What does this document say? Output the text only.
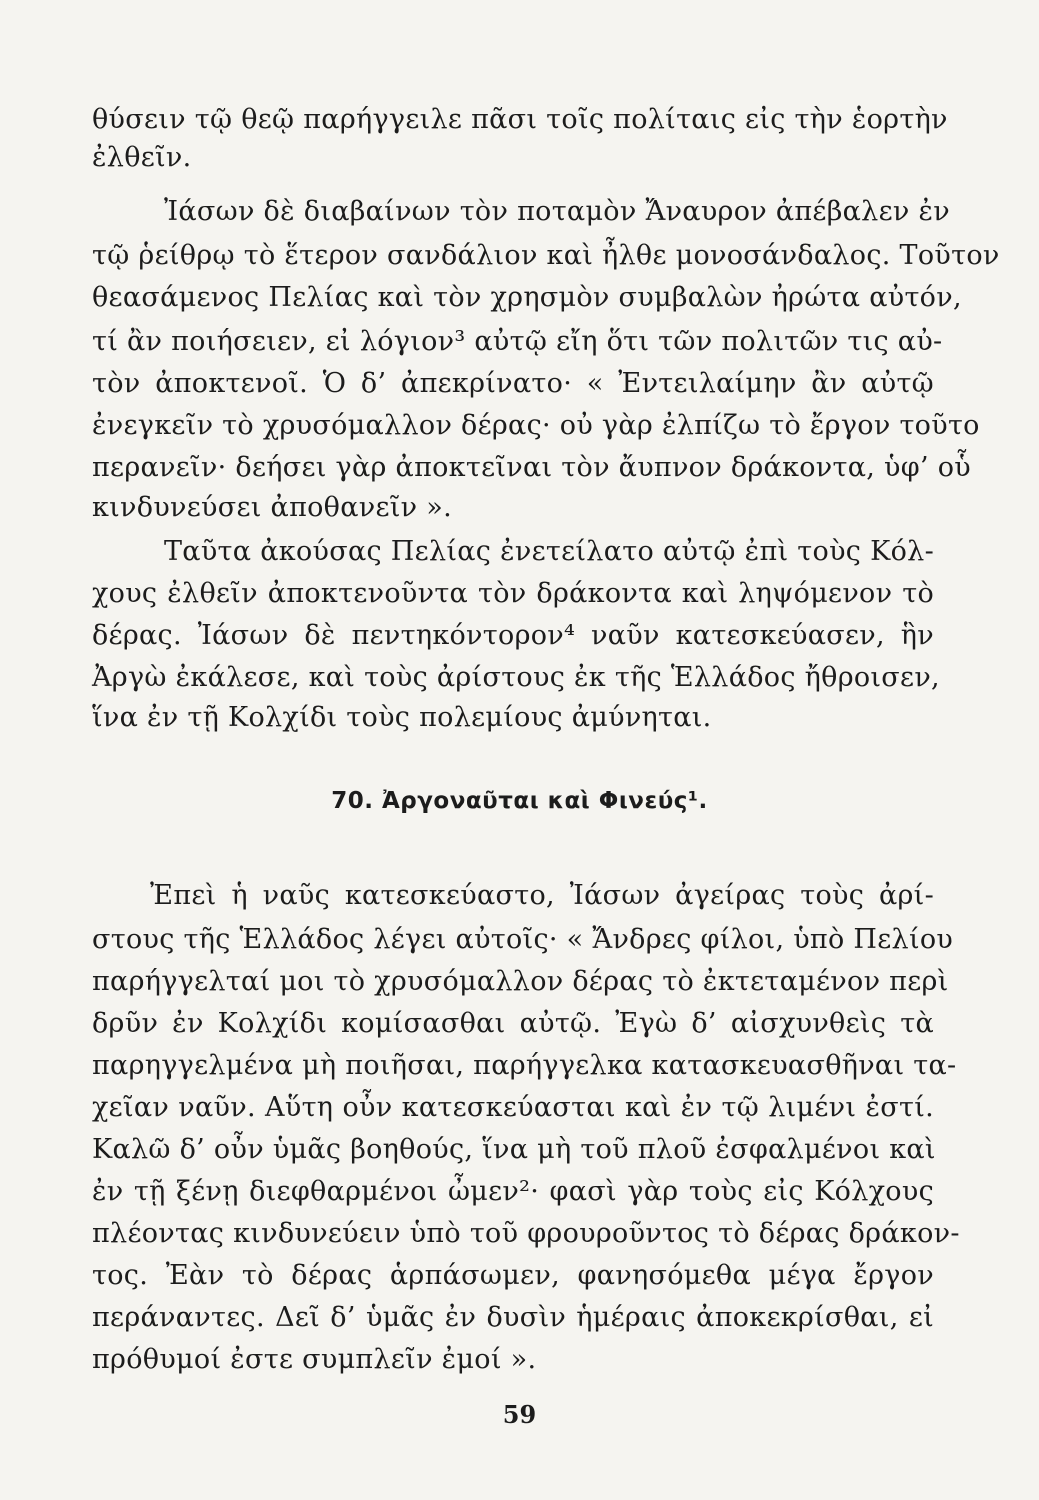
θύσειν τῷ θεῷ παρήγγειλε πᾶσι τοῖς πολίταις εἰς τὴν ἑορτὴν
ἐλθεῖν.
Ἰάσων δὲ διαβαίνων τὸν ποταμὸν Ἄναυρον ἀπέβαλεν ἐν
τῷ ῥείθρῳ τὸ ἕτερον σανδάλιον καὶ ἦλθε μονοσάνδαλος. Τοῦτον
θεασάμενος Πελίας καὶ τὸν χρησμὸν συμβαλὼν ἠρώτα αὐτόν,
τί ἂν ποιήσειεν, εἰ λόγιον³ αὐτῷ εἴη ὅτι τῶν πολιτῶν τις αὐ-
τὸν ἀποκτενοῖ. Ὁ δ’ ἀπεκρίνατο· « Ἐντειλαίμην ἂν αὐτῷ
ἐνεγκεῖν τὸ χρυσόμαλλον δέρας· οὐ γὰρ ἐλπίζω τὸ ἔργον τοῦτο
περανεῖν· δεήσει γὰρ ἀποκτεῖναι τὸν ἄυπνον δράκοντα, ὑφ’ οὗ
κινδυνεύσει ἀποθανεῖν ».
Ταῦτα ἀκούσας Πελίας ἐνετείλατο αὐτῷ ἐπὶ τοὺς Κόλ-
χους ἐλθεῖν ἀποκτενοῦντα τὸν δράκοντα καὶ ληψόμενον τὸ
δέρας. Ἰάσων δὲ πεντηκόντορον⁴ ναῦν κατεσκεύασεν, ἣν
Ἀργὼ ἐκάλεσε, καὶ τοὺς ἀρίστους ἐκ τῆς Ἑλλάδος ἤθροισεν,
ἵνα ἐν τῇ Κολχίδι τοὺς πολεμίους ἀμύνηται.
70. Ἀργοναῦται καὶ Φινεύς¹.
Ἐπεὶ ἡ ναῦς κατεσκεύαστο, Ἰάσων ἀγείρας τοὺς ἀρί-
στους τῆς Ἑλλάδος λέγει αὐτοῖς· « Ἄνδρες φίλοι, ὑπὸ Πελίου
παρήγγελταί μοι τὸ χρυσόμαλλον δέρας τὸ ἐκτεταμένον περὶ
δρῦν ἐν Κολχίδι κομίσασθαι αὐτῷ. Ἐγὼ δ’ αἰσχυνθεὶς τὰ
παρηγγελμένα μὴ ποιῆσαι, παρήγγελκα κατασκευασθῆναι τα-
χεῖαν ναῦν. Αὕτη οὖν κατεσκεύασται καὶ ἐν τῷ λιμένι ἐστί.
Καλῶ δ’ οὖν ὑμᾶς βοηθούς, ἵνα μὴ τοῦ πλοῦ ἐσφαλμένοι καὶ
ἐν τῇ ξένῃ διεφθαρμένοι ὦμεν²· φασὶ γὰρ τοὺς εἰς Κόλχους
πλέοντας κινδυνεύειν ὑπὸ τοῦ φρουροῦντος τὸ δέρας δράκον-
τος. Ἐὰν τὸ δέρας ἁρπάσωμεν, φανησόμεθα μέγα ἔργον
περάναντες. Δεῖ δ’ ὑμᾶς ἐν δυσὶν ἡμέραις ἀποκεκρίσθαι, εἰ
πρόθυμοί ἐστε συμπλεῖν ἐμοί ».
59
